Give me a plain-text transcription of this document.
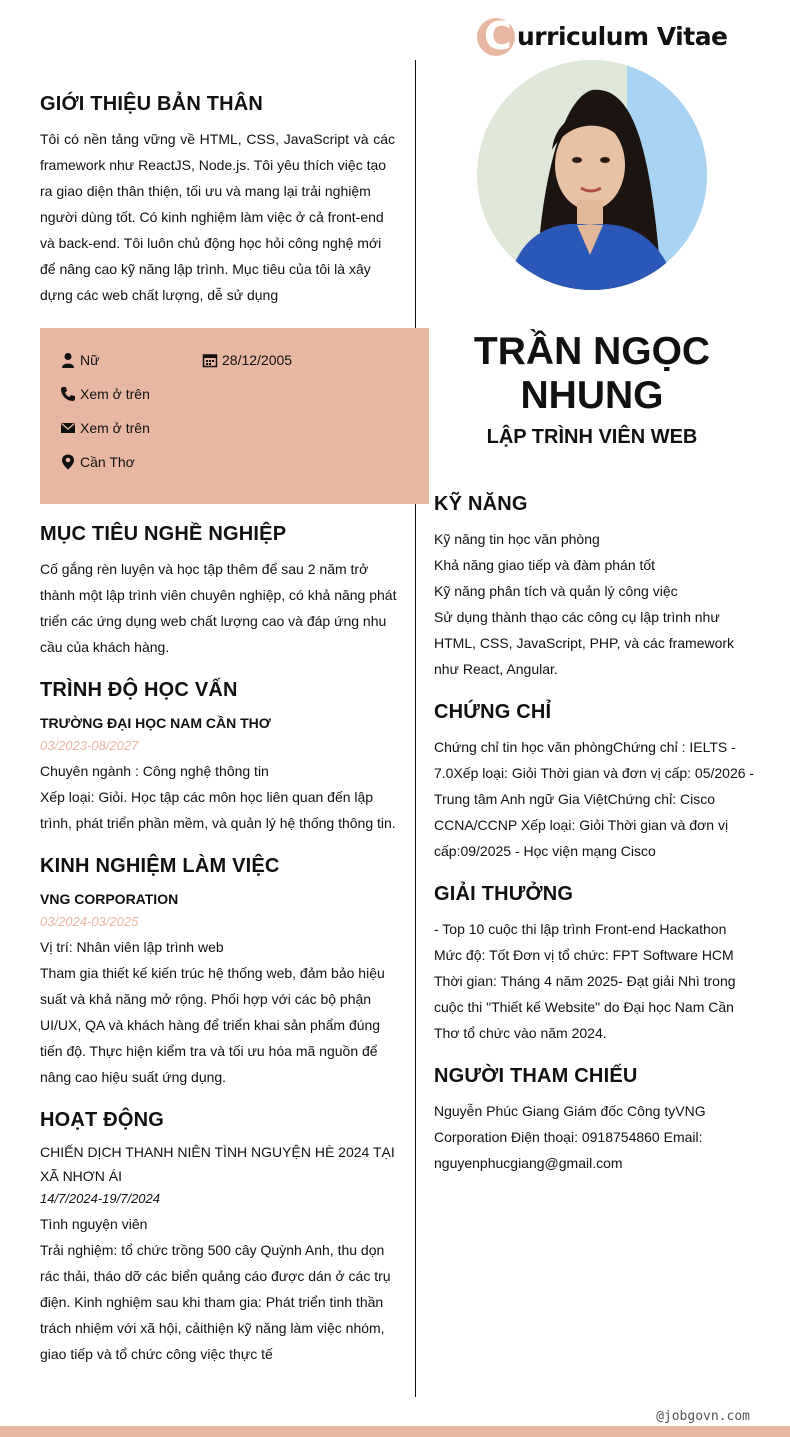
C urriculum Vitae
TRẦN NGỌC
NHUNG
LẬP TRÌNH VIÊN WEB
GIỚI THIỆU BẢN THÂN
Tôi có nền tảng vững về HTML, CSS, JavaScript và các
framework như ReactJS, Node.js. Tôi yêu thích việc tạo
ra giao diện thân thiện, tối ưu và mang lại trải nghiệm
người dùng tốt. Có kinh nghiệm làm việc ở cả front-end
và back-end. Tôi luôn chủ động học hỏi công nghệ mới
để nâng cao kỹ năng lập trình. Mục tiêu của tôi là xây
dựng các web chất lượng, dễ sử dụng
Nữ	28/12/2005
Xem ở trên
Xem ở trên
Cần Thơ
MỤC TIÊU NGHỀ NGHIỆP
Cố gắng rèn luyện và học tập thêm để sau 2 năm trở
thành một lập trình viên chuyên nghiệp, có khả năng phát
triển các ứng dụng web chất lượng cao và đáp ứng nhu
cầu của khách hàng.
TRÌNH ĐỘ HỌC VẤN
TRƯỜNG ĐẠI HỌC NAM CẦN THƠ
03/2023-08/2027
Chuyên ngành : Công nghệ thông tin
Xếp loại: Giỏi. Học tập các môn học liên quan đến lập
trình, phát triển phần mềm, và quản lý hệ thống thông tin.
KINH NGHIỆM LÀM VIỆC
VNG CORPORATION
03/2024-03/2025
Vị trí: Nhân viên lập trình web
Tham gia thiết kế kiến trúc hệ thống web, đảm bảo hiệu
suất và khả năng mở rộng. Phối hợp với các bộ phận
UI/UX, QA và khách hàng để triển khai sản phẩm đúng
tiến độ. Thực hiện kiểm tra và tối ưu hóa mã nguồn để
nâng cao hiệu suất ứng dụng.
HOẠT ĐỘNG
CHIẾN DỊCH THANH NIÊN TÌNH NGUYỆN HÈ 2024 TẠI
XÃ NHƠN ÁI
14/7/2024-19/7/2024
Tình nguyện viên
Trải nghiệm: tổ chức trồng 500 cây Quỳnh Anh, thu dọn
rác thải, tháo dỡ các biển quảng cáo được dán ở các trụ
điện. Kinh nghiệm sau khi tham gia: Phát triển tinh thần
trách nhiệm với xã hội, cảithiện kỹ năng làm việc nhóm,
giao tiếp và tổ chức công việc thực tế
KỸ NĂNG
Kỹ năng tin học văn phòng
Khả năng giao tiếp và đàm phán tốt
Kỹ năng phân tích và quản lý công việc
Sử dụng thành thạo các công cụ lập trình như
HTML, CSS, JavaScript, PHP, và các framework
như React, Angular.
CHỨNG CHỈ
Chứng chỉ tin học văn phòngChứng chỉ : IELTS -
7.0Xếp loại: Giỏi Thời gian và đơn vị cấp: 05/2026 -
Trung tâm Anh ngữ Gia ViệtChứng chỉ: Cisco
CCNA/CCNP Xếp loại: Giỏi Thời gian và đơn vị
cấp:09/2025 - Học viện mạng Cisco
GIẢI THƯỞNG
- Top 10 cuộc thi lập trình Front-end Hackathon
Mức độ: Tốt Đơn vị tổ chức: FPT Software HCM
Thời gian: Tháng 4 năm 2025- Đạt giải Nhì trong
cuộc thi "Thiết kế Website" do Đại học Nam Cần
Thơ tổ chức vào năm 2024.
NGƯỜI THAM CHIẾU
Nguyễn Phúc Giang Giám đốc Công tyVNG
Corporation Điện thoại: 0918754860 Email:
nguyenphucgiang@gmail.com
@jobgovn.com
